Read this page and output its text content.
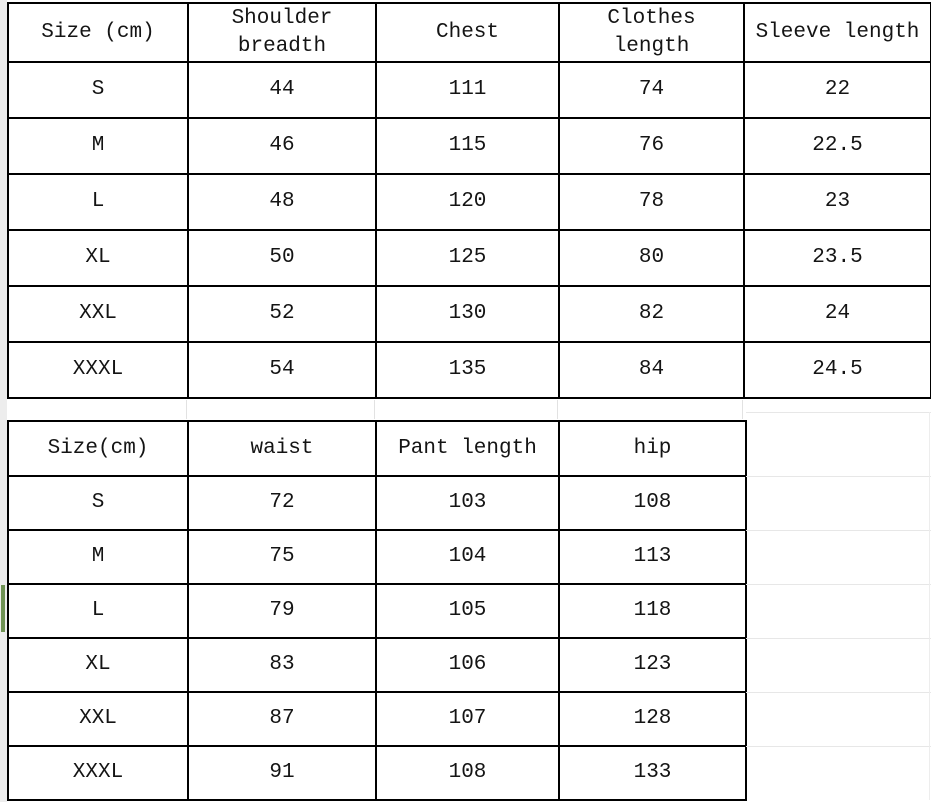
Size (cm)	Shoulder breadth	Chest	Clothes length	Sleeve length
S	44	111	74	22
M	46	115	76	22.5
L	48	120	78	23
XL	50	125	80	23.5
XXL	52	130	82	24
XXXL	54	135	84	24.5
Size(cm)	waist	Pant length	hip
S	72	103	108
M	75	104	113
L	79	105	118
XL	83	106	123
XXL	87	107	128
XXXL	91	108	133
